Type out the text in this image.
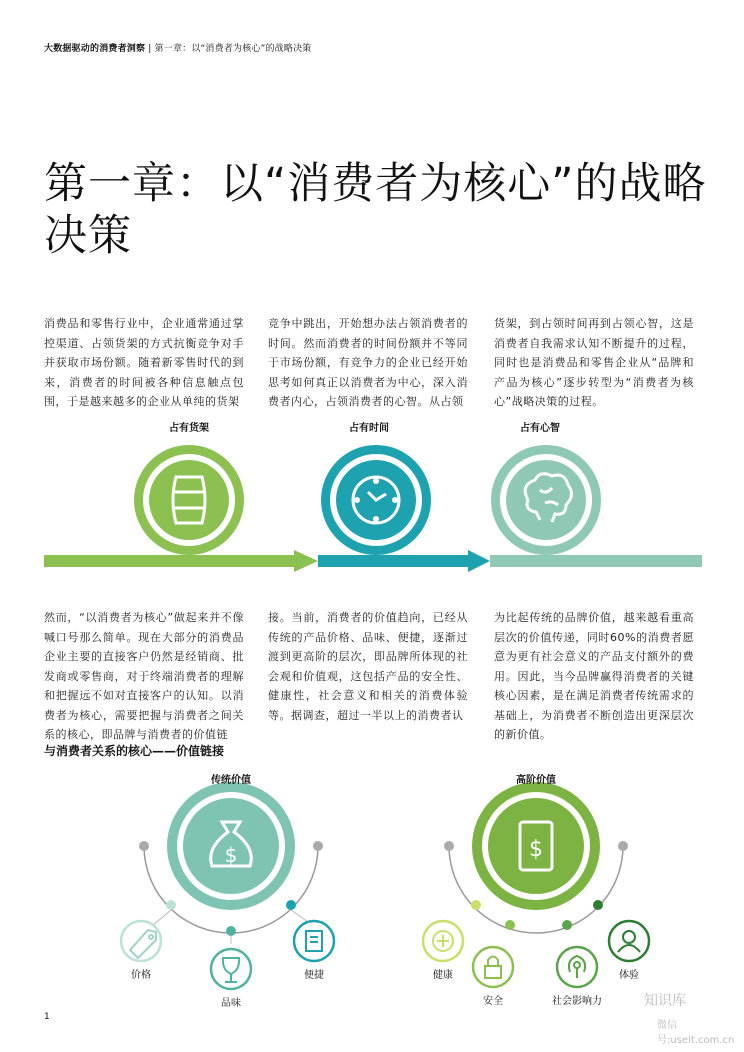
大数据驱动的消费者洞察 | 第一章：以“消费者为核心”的战略决策
第一章：以“消费者为核心”的战略决策
消费品和零售行业中，企业通常通过掌控渠道、占领货架的方式抗衡竞争对手并获取市场份额。随着新零售时代的到来，消费者的时间被各种信息触点包围，于是越来越多的企业从单纯的货架
竞争中跳出，开始想办法占领消费者的时间。然而消费者的时间份额并不等同于市场份额，有竞争力的企业已经开始思考如何真正以消费者为中心，深入消费者内心，占领消费者的心智。从占领
货架，到占领时间再到占领心智，这是消费者自我需求认知不断提升的过程，同时也是消费品和零售企业从“品牌和产品为核心”逐步转型为“消费者为核心”战略决策的过程。
占有货架	占有时间	占有心智
$	$
然而，“以消费者为核心”做起来并不像喊口号那么简单。现在大部分的消费品企业主要的直接客户仍然是经销商、批发商或零售商，对于终端消费者的理解和把握远不如对直接客户的认知。以消费者为核心，需要把握与消费者之间关系的核心，即品牌与消费者的价值链
接。当前，消费者的价值趋向，已经从传统的产品价格、品味、便捷，逐渐过渡到更高阶的层次，即品牌所体现的社会观和价值观，这包括产品的安全性、健康性，社会意义和相关的消费体验等。据调查，超过一半以上的消费者认
为比起传统的品牌价值，越来越看重高层次的价值传递，同时60%的消费者愿意为更有社会意义的产品支付额外的费用。因此，当今品牌赢得消费者的关键核心因素，是在满足消费者传统需求的基础上，为消费者不断创造出更深层次的新价值。
与消费者关系的核心——价值链接
传统价值	高阶价值
价格
品味
便捷	健康
安全	社会影响力
体验
1
知识库
微信号:useit.com.cn
